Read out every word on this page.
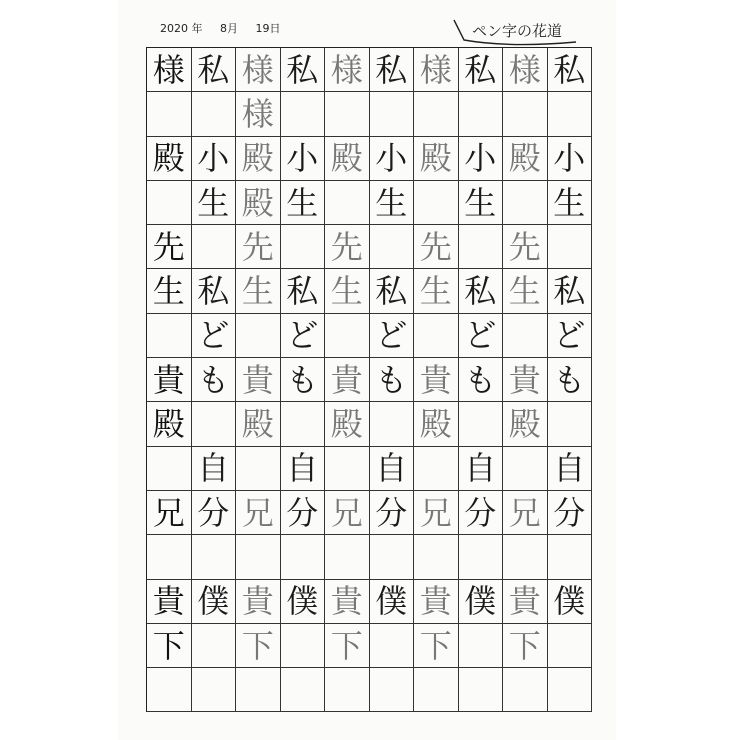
2020 年 8月 19日	ペン字の花道
様 私 様 私 様 私 様 私 様 私
様
殿 小 殿 小 殿 小 殿 小 殿 小
生 殿 生 生 生 生
先 先 先 先 先
生 私 生 私 生 私 生 私 生 私
ど ど ど ど ど
貴 も 貴 も 貴 も 貴 も 貴 も
殿 殿 殿 殿 殿
自 自 自 自 自
兄 分 兄 分 兄 分 兄 分 兄 分
貴 僕 貴 僕 貴 僕 貴 僕 貴 僕
下 下 下 下 下
